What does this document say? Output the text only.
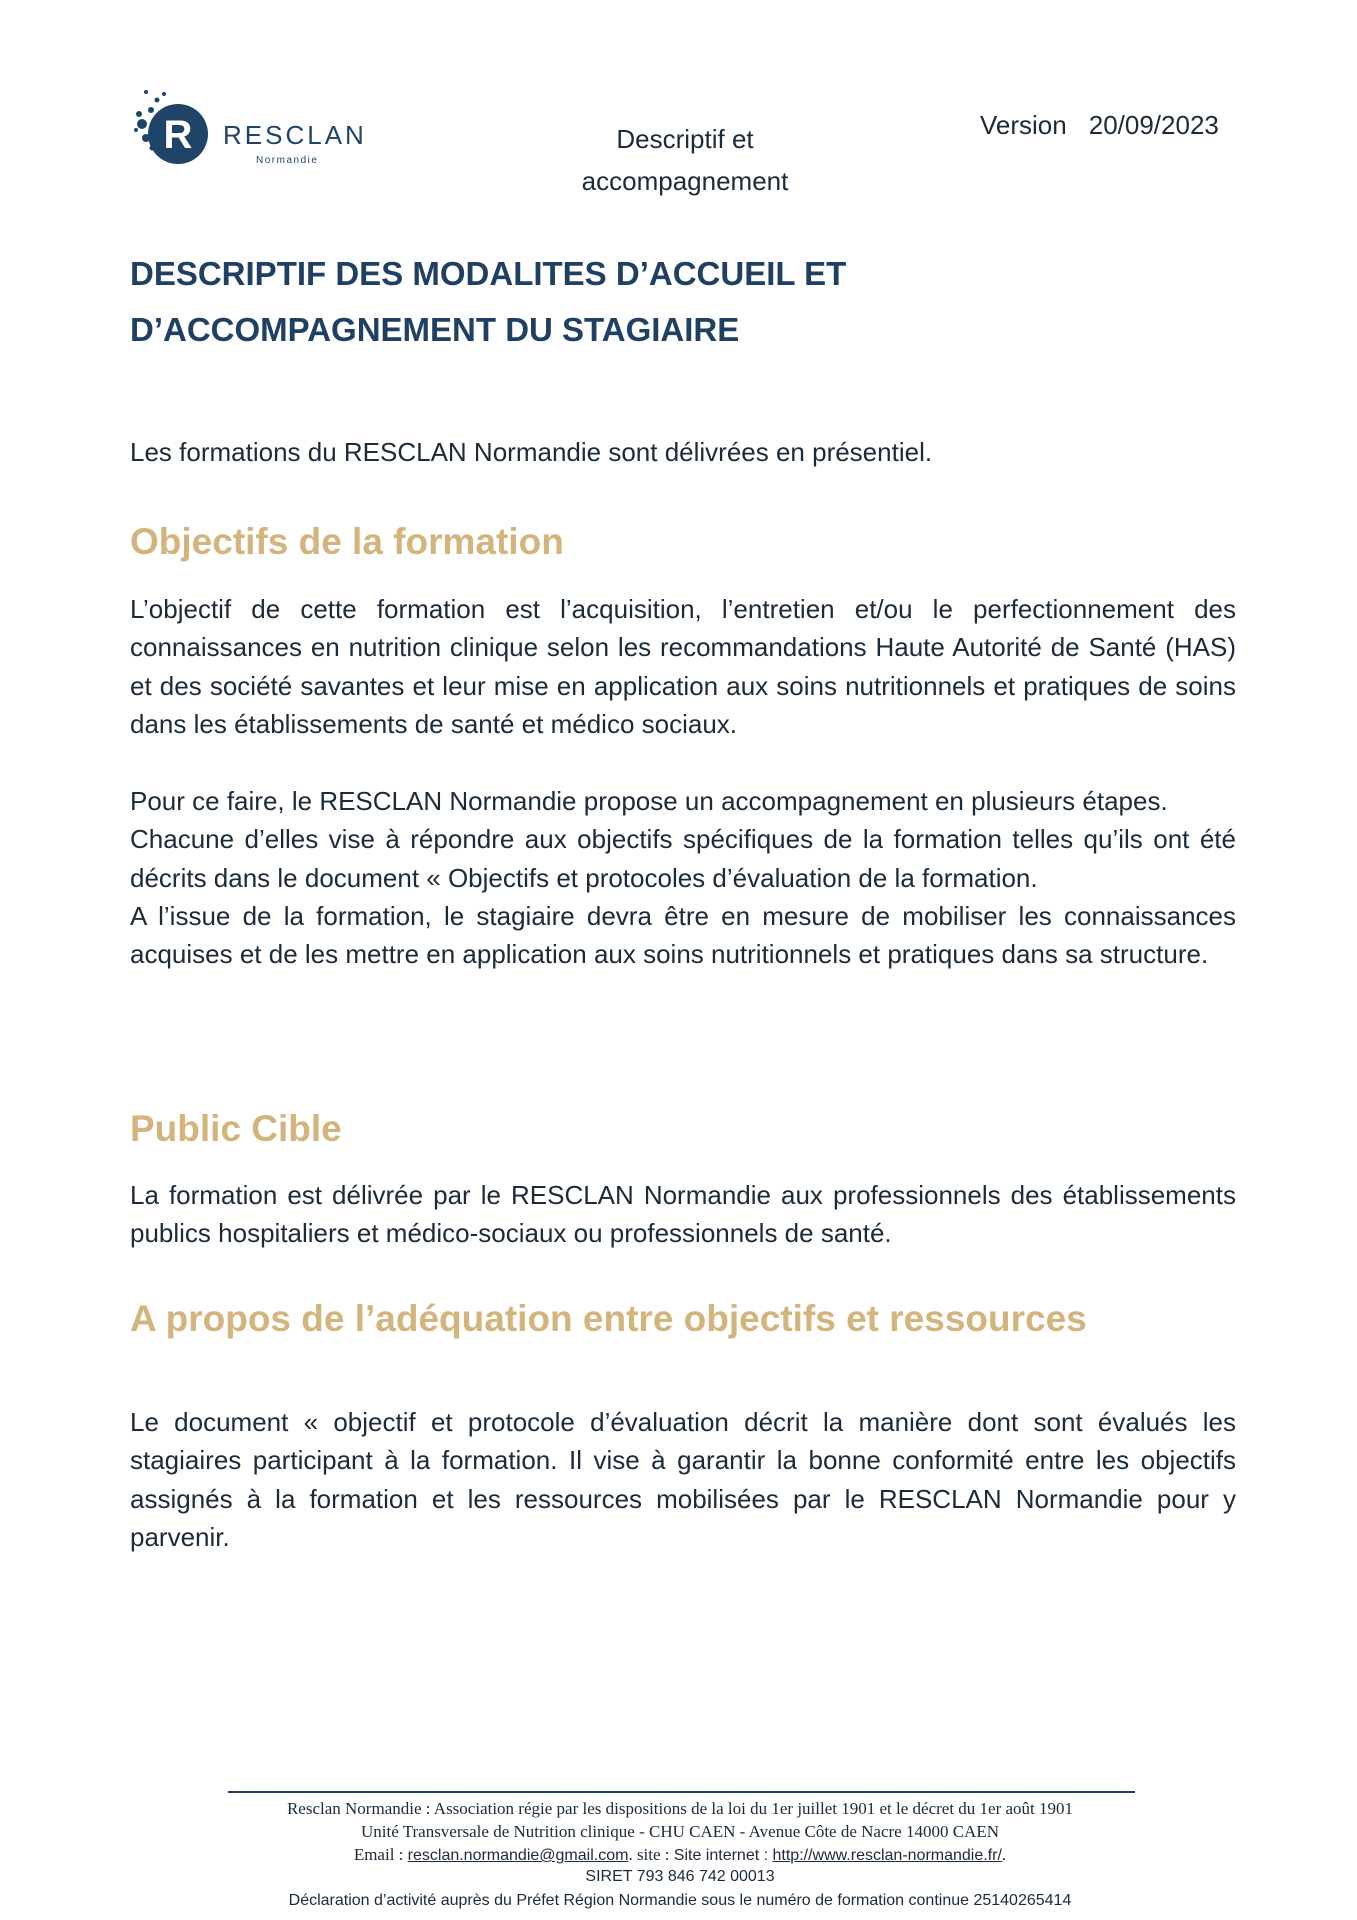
R RESCLAN
Normandie
Descriptif et
accompagnement
Version 20/09/2023
DESCRIPTIF DES MODALITES D’ACCUEIL ET
D’ACCOMPAGNEMENT DU STAGIAIRE
Les formations du RESCLAN Normandie sont délivrées en présentiel.
Objectifs de la formation
L’objectif de cette formation est l’acquisition, l’entretien et/ou le perfectionnement des connaissances en nutrition clinique selon les recommandations Haute Autorité de Santé (HAS) et des société savantes et leur mise en application aux soins nutritionnels et pratiques de soins dans les établissements de santé et médico sociaux.
Pour ce faire, le RESCLAN Normandie propose un accompagnement en plusieurs étapes.
Chacune d’elles vise à répondre aux objectifs spécifiques de la formation telles qu’ils ont été décrits dans le document « Objectifs et protocoles d’évaluation de la formation.
A l’issue de la formation, le stagiaire devra être en mesure de mobiliser les connaissances acquises et de les mettre en application aux soins nutritionnels et pratiques dans sa structure.
Public Cible
La formation est délivrée par le RESCLAN Normandie aux professionnels des établissements publics hospitaliers et médico-sociaux ou professionnels de santé.
A propos de l’adéquation entre objectifs et ressources
Le document « objectif et protocole d’évaluation décrit la manière dont sont évalués les stagiaires participant à la formation. Il vise à garantir la bonne conformité entre les objectifs assignés à la formation et les ressources mobilisées par le RESCLAN Normandie pour y parvenir.
Resclan Normandie : Association régie par les dispositions de la loi du 1er juillet 1901 et le décret du 1er août 1901
Unité Transversale de Nutrition clinique - CHU CAEN - Avenue Côte de Nacre 14000 CAEN
Email : resclan.normandie@gmail.com. site : Site internet : http://www.resclan-normandie.fr/.
SIRET 793 846 742 00013
Déclaration d’activité auprès du Préfet Région Normandie sous le numéro de formation continue 25140265414
